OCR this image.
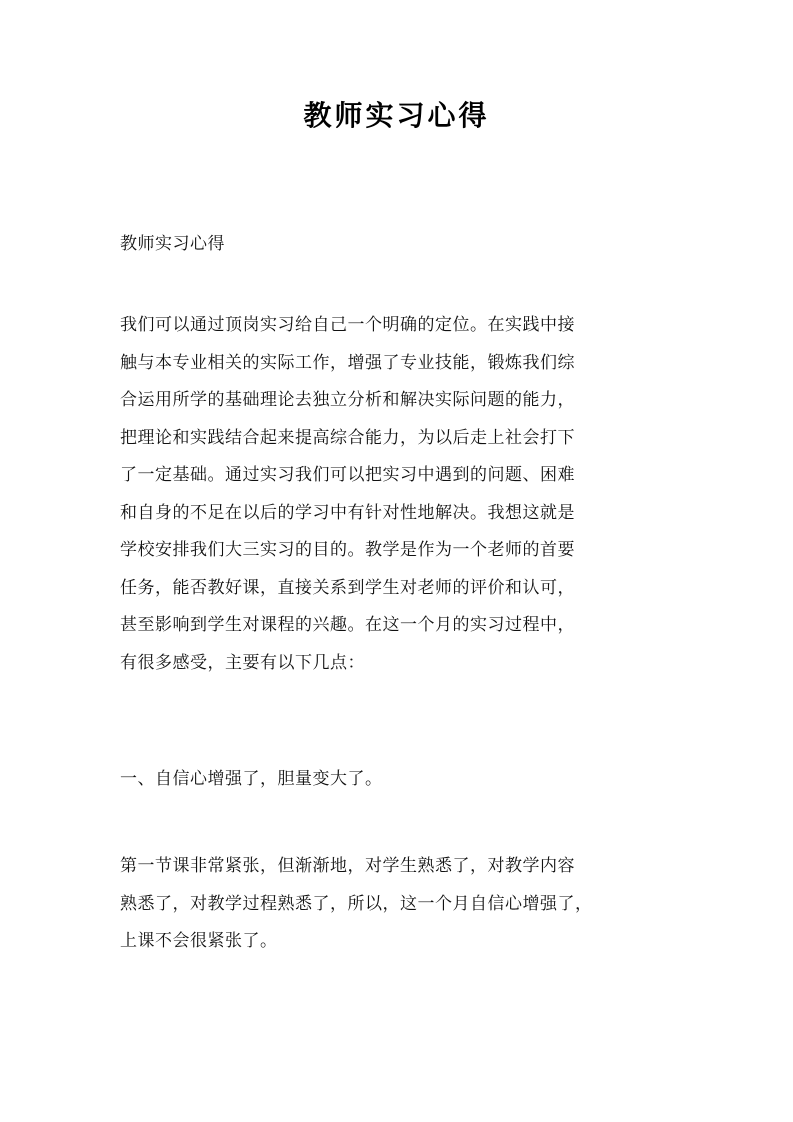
教师实习心得
教师实习心得
我们可以通过顶岗实习给自己一个明确的定位。在实践中接
触与本专业相关的实际工作，增强了专业技能，锻炼我们综
合运用所学的基础理论去独立分析和解决实际问题的能力，
把理论和实践结合起来提高综合能力，为以后走上社会打下
了一定基础。通过实习我们可以把实习中遇到的问题、困难
和自身的不足在以后的学习中有针对性地解决。我想这就是
学校安排我们大三实习的目的。教学是作为一个老师的首要
任务，能否教好课，直接关系到学生对老师的评价和认可，
甚至影响到学生对课程的兴趣。在这一个月的实习过程中，
有很多感受，主要有以下几点：
一、自信心增强了，胆量变大了。
第一节课非常紧张，但渐渐地，对学生熟悉了，对教学内容
熟悉了，对教学过程熟悉了，所以，这一个月自信心增强了，
上课不会很紧张了。
